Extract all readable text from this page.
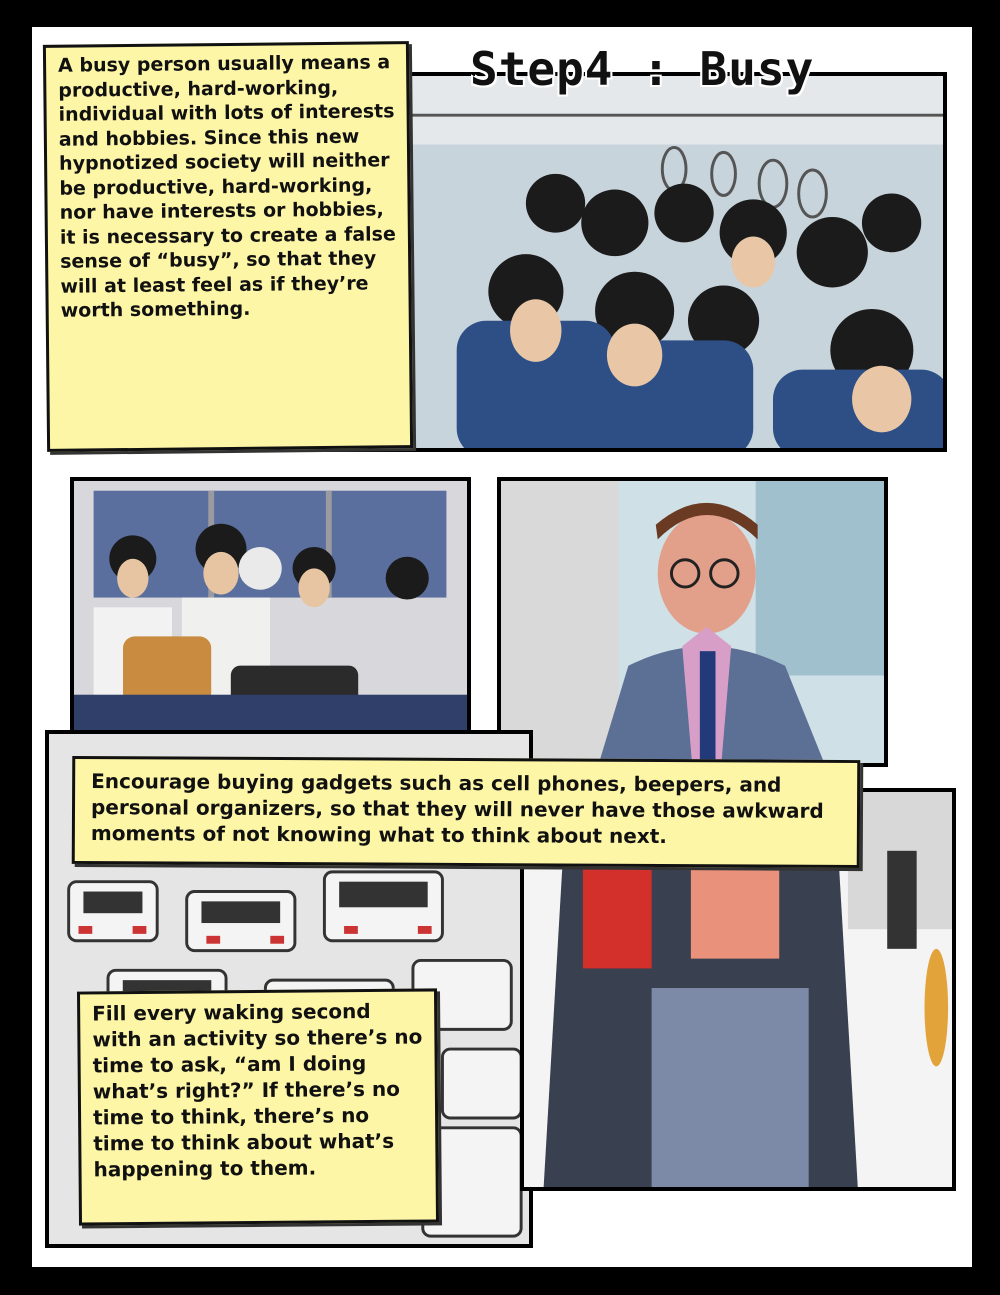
Step4 : Busy
A busy person usually means a productive, hard-working, individual with lots of interests and hobbies. Since this new hypnotized society will neither be productive, hard-working, nor have interests or hobbies, it is necessary to create a false sense of “busy”, so that they will at least feel as if they’re worth something.
Encourage buying gadgets such as cell phones, beepers, and personal organizers, so that they will never have those awkward moments of not knowing what to think about next.
Fill every waking second with an activity so there’s no time to ask, “am I doing what’s right?” If there’s no time to think, there’s no time to think about what’s happening to them.
